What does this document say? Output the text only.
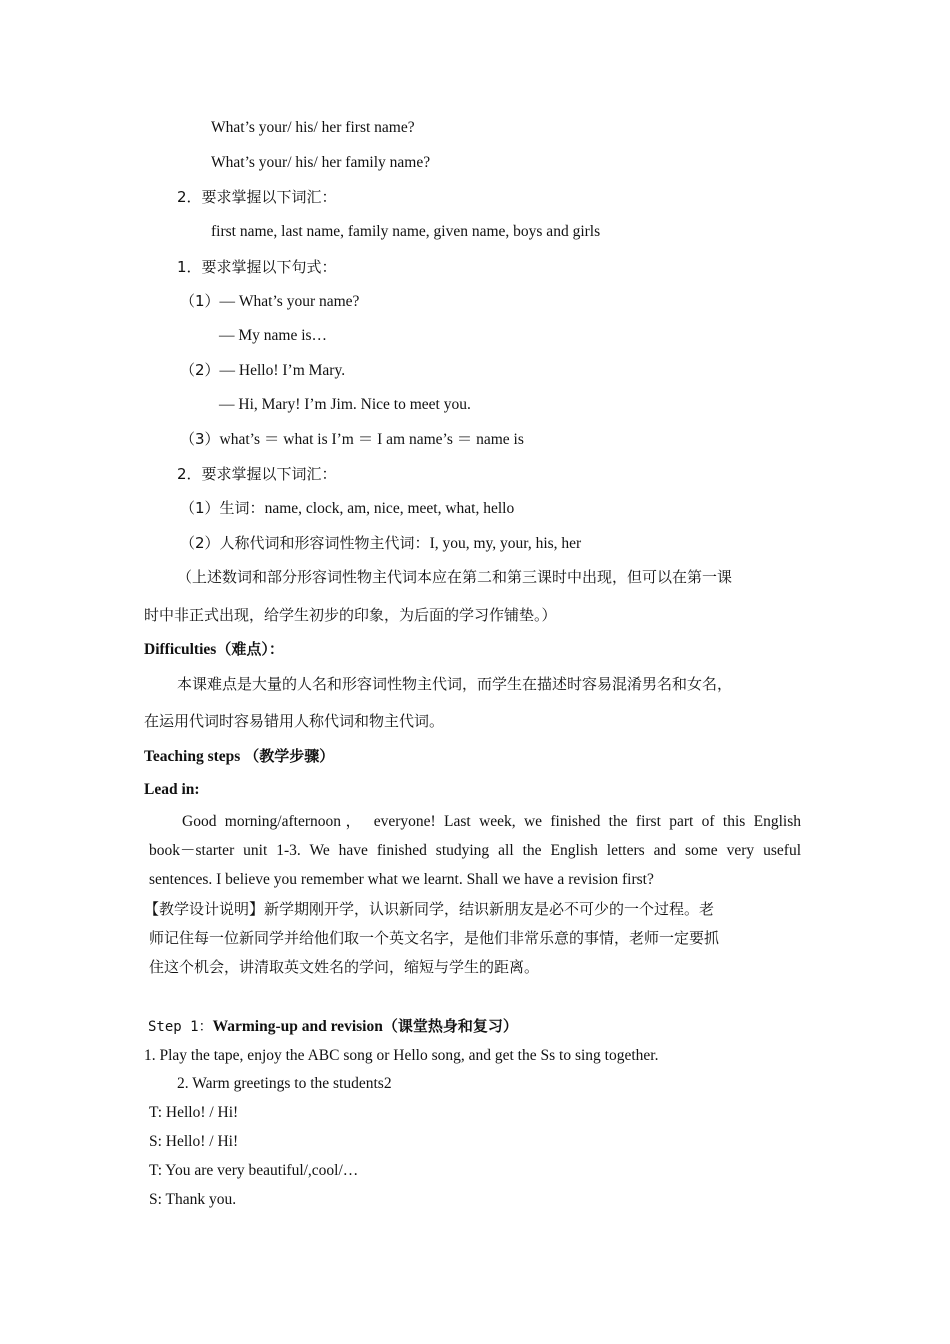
What’s your/ his/ her first name?
What’s your/ his/ her family name?
2．要求掌握以下词汇：
first name, last name, family name, given name, boys and girls
1．要求掌握以下句式：
（1）— What’s your name?
— My name is…
（2）— Hello! I’m Mary.
— Hi, Mary! I’m Jim. Nice to meet you.
（3）what’s ＝ what is I’m ＝ I am name’s ＝ name is
2．要求掌握以下词汇：
（1）生词：name, clock, am, nice, meet, what, hello
（2）人称代词和形容词性物主代词：I, you, my, your, his, her
（上述数词和部分形容词性物主代词本应在第二和第三课时中出现，但可以在第一课
时中非正式出现，给学生初步的印象，为后面的学习作铺垫。）
Difficulties（难点）：
本课难点是大量的人名和形容词性物主代词，而学生在描述时容易混淆男名和女名，
在运用代词时容易错用人称代词和物主代词。
Teaching steps （教学步骤）
Lead in:
Good morning/afternoon， everyone! Last week, we finished the first part of this English
book－starter unit 1-3. We have finished studying all the English letters and some very useful
sentences. I believe you remember what we learnt. Shall we have a revision first?
【教学设计说明】新学期刚开学，认识新同学，结识新朋友是必不可少的一个过程。老
师记住每一位新同学并给他们取一个英文名字，是他们非常乐意的事情，老师一定要抓
住这个机会，讲清取英文姓名的学问，缩短与学生的距离。
Step 1：Warming-up and revision（课堂热身和复习）
1. Play the tape, enjoy the ABC song or Hello song, and get the Ss to sing together.
2. Warm greetings to the students2
T: Hello! / Hi!
S: Hello! / Hi!
T: You are very beautiful/,cool/…
S: Thank you.
